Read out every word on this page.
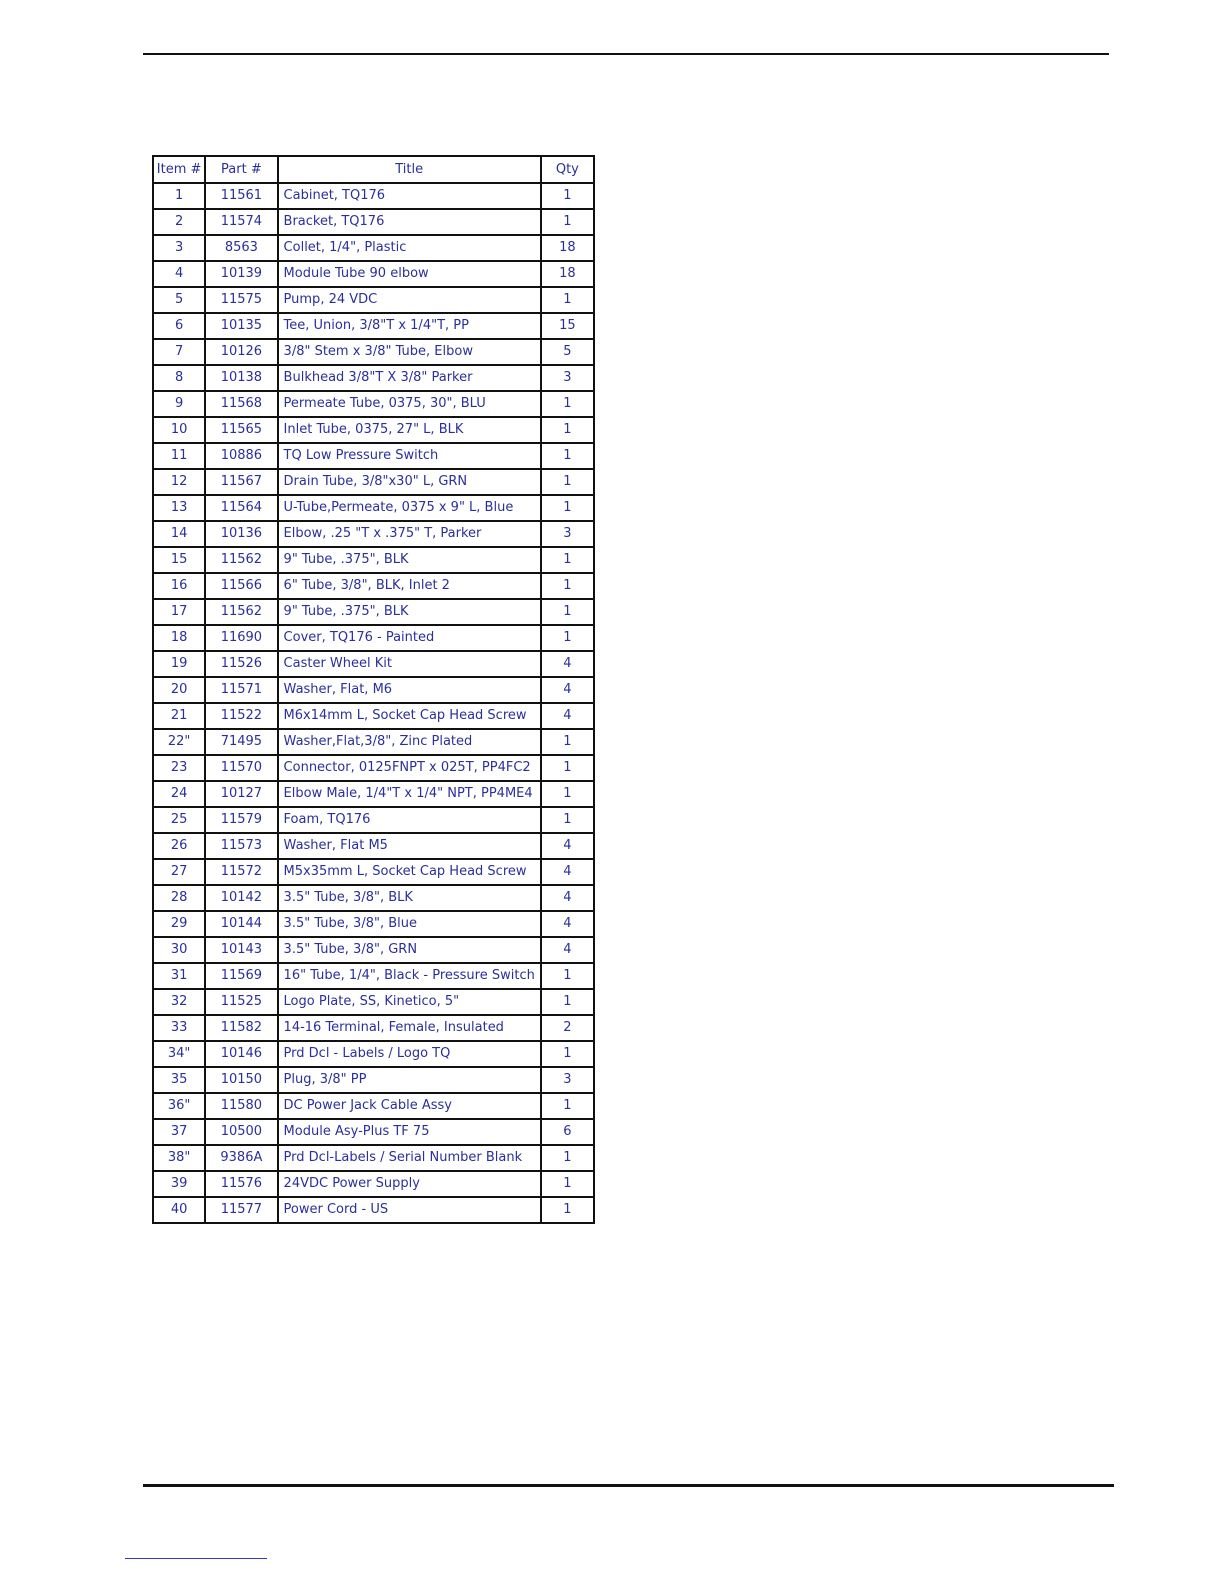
Item #	Part #	Title	Qty
1	11561	Cabinet, TQ176	1
2	11574	Bracket, TQ176	1
3	8563	Collet, 1/4", Plastic	18
4	10139	Module Tube 90 elbow	18
5	11575	Pump, 24 VDC	1
6	10135	Tee, Union, 3/8"T x 1/4"T, PP	15
7	10126	3/8" Stem x 3/8" Tube, Elbow	5
8	10138	Bulkhead 3/8"T X 3/8" Parker	3
9	11568	Permeate Tube, 0375, 30", BLU	1
10	11565	Inlet Tube, 0375, 27" L, BLK	1
11	10886	TQ Low Pressure Switch	1
12	11567	Drain Tube, 3/8"x30" L, GRN	1
13	11564	U-Tube,Permeate, 0375 x 9" L, Blue	1
14	10136	Elbow, .25 "T x .375" T, Parker	3
15	11562	9" Tube, .375", BLK	1
16	11566	6" Tube, 3/8", BLK, Inlet 2	1
17	11562	9" Tube, .375", BLK	1
18	11690	Cover, TQ176 - Painted	1
19	11526	Caster Wheel Kit	4
20	11571	Washer, Flat, M6	4
21	11522	M6x14mm L, Socket Cap Head Screw	4
22"	71495	Washer,Flat,3/8", Zinc Plated	1
23	11570	Connector, 0125FNPT x 025T, PP4FC2	1
24	10127	Elbow Male, 1/4"T x 1/4" NPT, PP4ME4	1
25	11579	Foam, TQ176	1
26	11573	Washer, Flat M5	4
27	11572	M5x35mm L, Socket Cap Head Screw	4
28	10142	3.5" Tube, 3/8", BLK	4
29	10144	3.5" Tube, 3/8", Blue	4
30	10143	3.5" Tube, 3/8", GRN	4
31	11569	16" Tube, 1/4", Black - Pressure Switch	1
32	11525	Logo Plate, SS, Kinetico, 5"	1
33	11582	14-16 Terminal, Female, Insulated	2
34"	10146	Prd Dcl - Labels / Logo TQ	1
35	10150	Plug, 3/8" PP	3
36"	11580	DC Power Jack Cable Assy	1
37	10500	Module Asy-Plus TF 75	6
38"	9386A	Prd Dcl-Labels / Serial Number Blank	1
39	11576	24VDC Power Supply	1
40	11577	Power Cord - US	1
